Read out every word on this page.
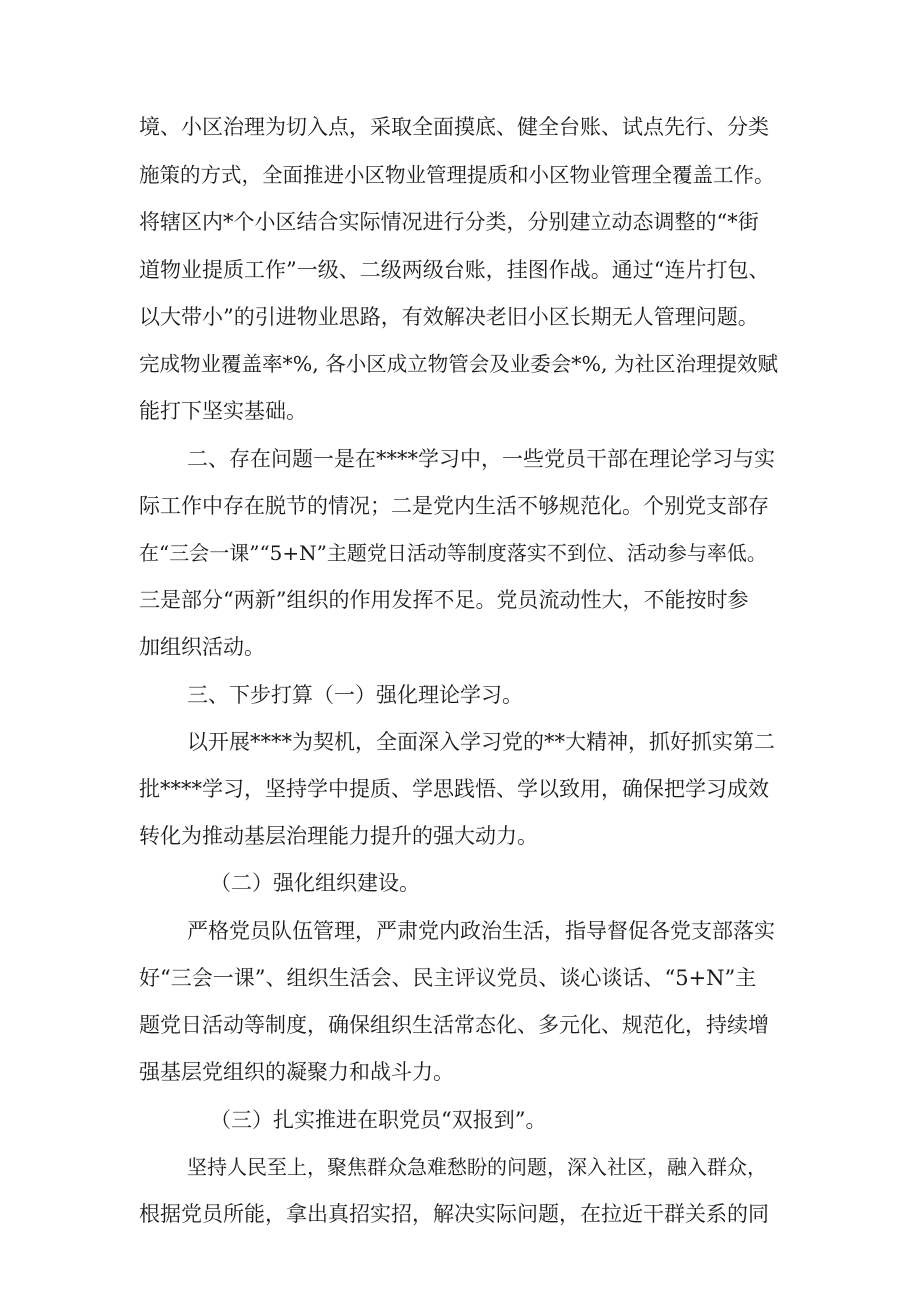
境、小区治理为切入点，采取全面摸底、健全台账、试点先行、分类

施策的方式，全面推进小区物业管理提质和小区物业管理全覆盖工作。

将辖区内*个小区结合实际情况进行分类，分别建立动态调整的“*街

道物业提质工作”一级、二级两级台账，挂图作战。通过“连片打包、

以大带小”的引进物业思路，有效解决老旧小区长期无人管理问题。

完成物业覆盖率*%, 各小区成立物管会及业委会*%, 为社区治理提效赋

能打下坚实基础。

二、存在问题一是在****学习中，一些党员干部在理论学习与实

际工作中存在脱节的情况；二是党内生活不够规范化。个别党支部存

在“三会一课”“5+N”主题党日活动等制度落实不到位、活动参与率低。

三是部分“两新”组织的作用发挥不足。党员流动性大，不能按时参

加组织活动。

三、下步打算（一）强化理论学习。

以开展****为契机，全面深入学习党的**大精神，抓好抓实第二

批****学习，坚持学中提质、学思践悟、学以致用，确保把学习成效

转化为推动基层治理能力提升的强大动力。

（二）强化组织建设。

严格党员队伍管理，严肃党内政治生活，指导督促各党支部落实

好“三会一课”、组织生活会、民主评议党员、谈心谈话、“5+N”主

题党日活动等制度，确保组织生活常态化、多元化、规范化，持续增

强基层党组织的凝聚力和战斗力。

（三）扎实推进在职党员“双报到”。

坚持人民至上，聚焦群众急难愁盼的问题，深入社区，融入群众，

根据党员所能，拿出真招实招，解决实际问题，在拉近干群关系的同
